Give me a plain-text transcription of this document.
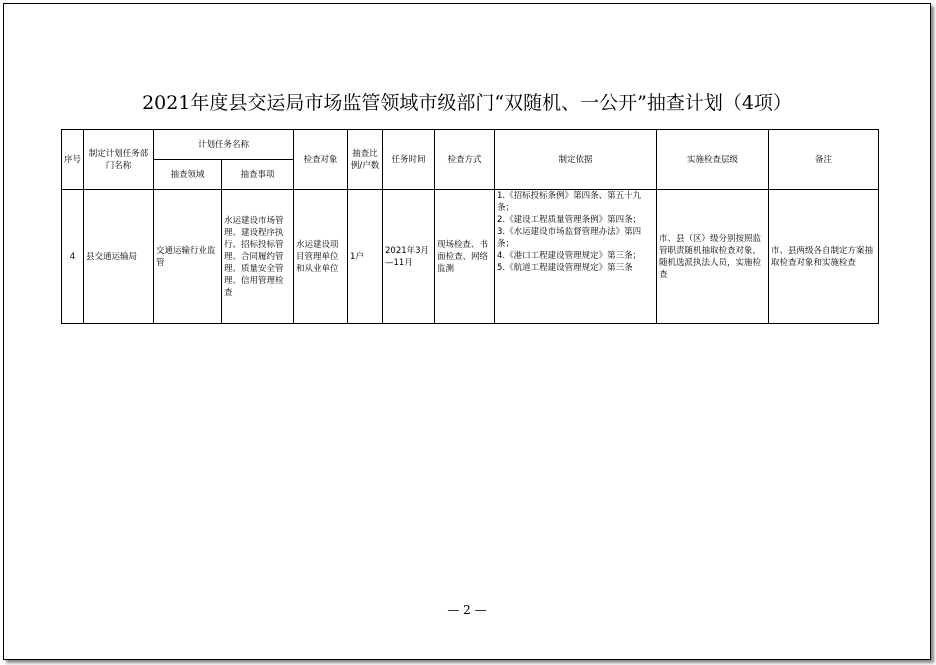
2021年度县交运局市场监管领域市级部门“双随机、一公开”抽查计划（4项）
序号	制定计划任务部门名称	计划任务名称		检查对象	抽查比例/户数	任务时间	检查方式	制定依据	实施检查层级	备注
		抽查领域	抽查事项							
4	县交通运输局	交通运输行业监管	水运建设市场管理、建设程序执行、招标投标管理、合同履约管理、质量安全管理、信用管理检查	水运建设项目管理单位和从业单位	1户	2021年3月—11月	现场检查、书面检查、网络监测	1.《招标投标条例》第四条、第五十九条；
2.《建设工程质量管理条例》第四条；
3.《水运建设市场监督管理办法》第四条；
4.《港口工程建设管理规定》第三条；
5.《航道工程建设管理规定》第三条	市、县（区）级分别按照监管职责随机抽取检查对象，随机选派执法人员，实施检查	市、县两级各自制定方案抽取检查对象和实施检查
— 2 —
